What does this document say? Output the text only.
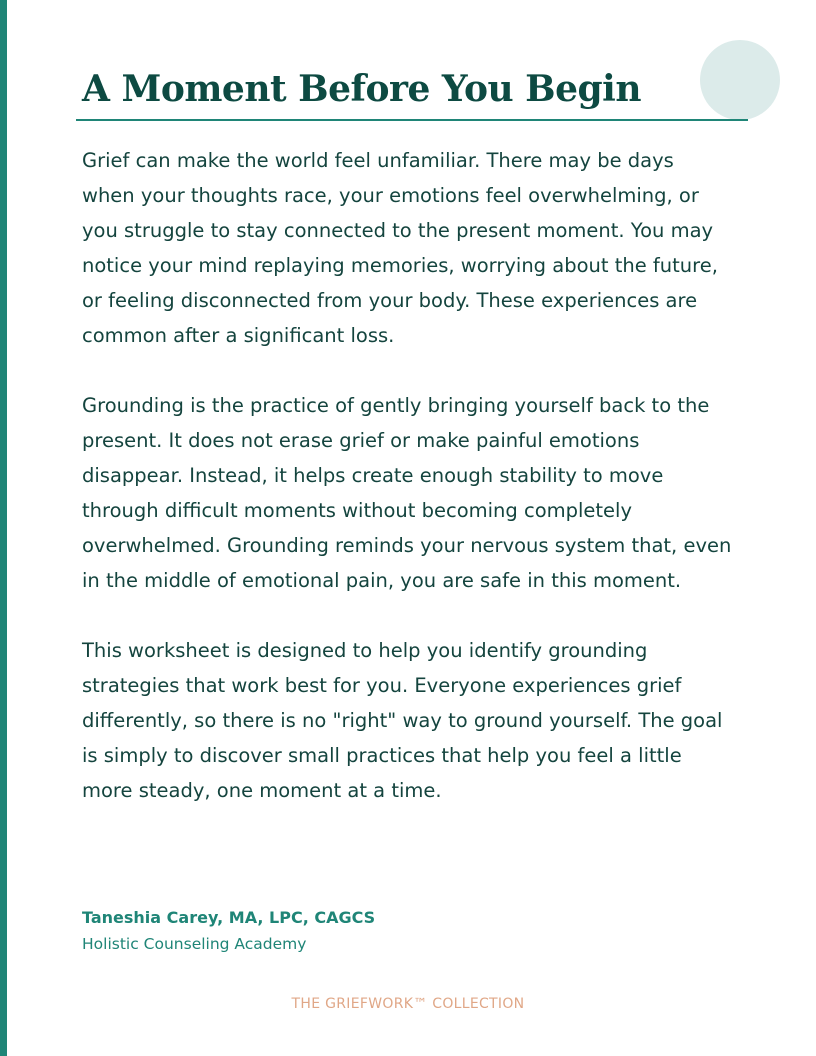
A Moment Before You Begin

Grief can make the world feel unfamiliar. There may be days when your thoughts race, your emotions feel overwhelming, or you struggle to stay connected to the present moment. You may notice your mind replaying memories, worrying about the future, or feeling disconnected from your body. These experiences are common after a significant loss.

Grounding is the practice of gently bringing yourself back to the present. It does not erase grief or make painful emotions disappear. Instead, it helps create enough stability to move through difficult moments without becoming completely overwhelmed. Grounding reminds your nervous system that, even in the middle of emotional pain, you are safe in this moment.

This worksheet is designed to help you identify grounding strategies that work best for you. Everyone experiences grief differently, so there is no "right" way to ground yourself. The goal is simply to discover small practices that help you feel a little more steady, one moment at a time.

Taneshia Carey, MA, LPC, CAGCS
Holistic Counseling Academy
THE GRIEFWORK™ COLLECTION
